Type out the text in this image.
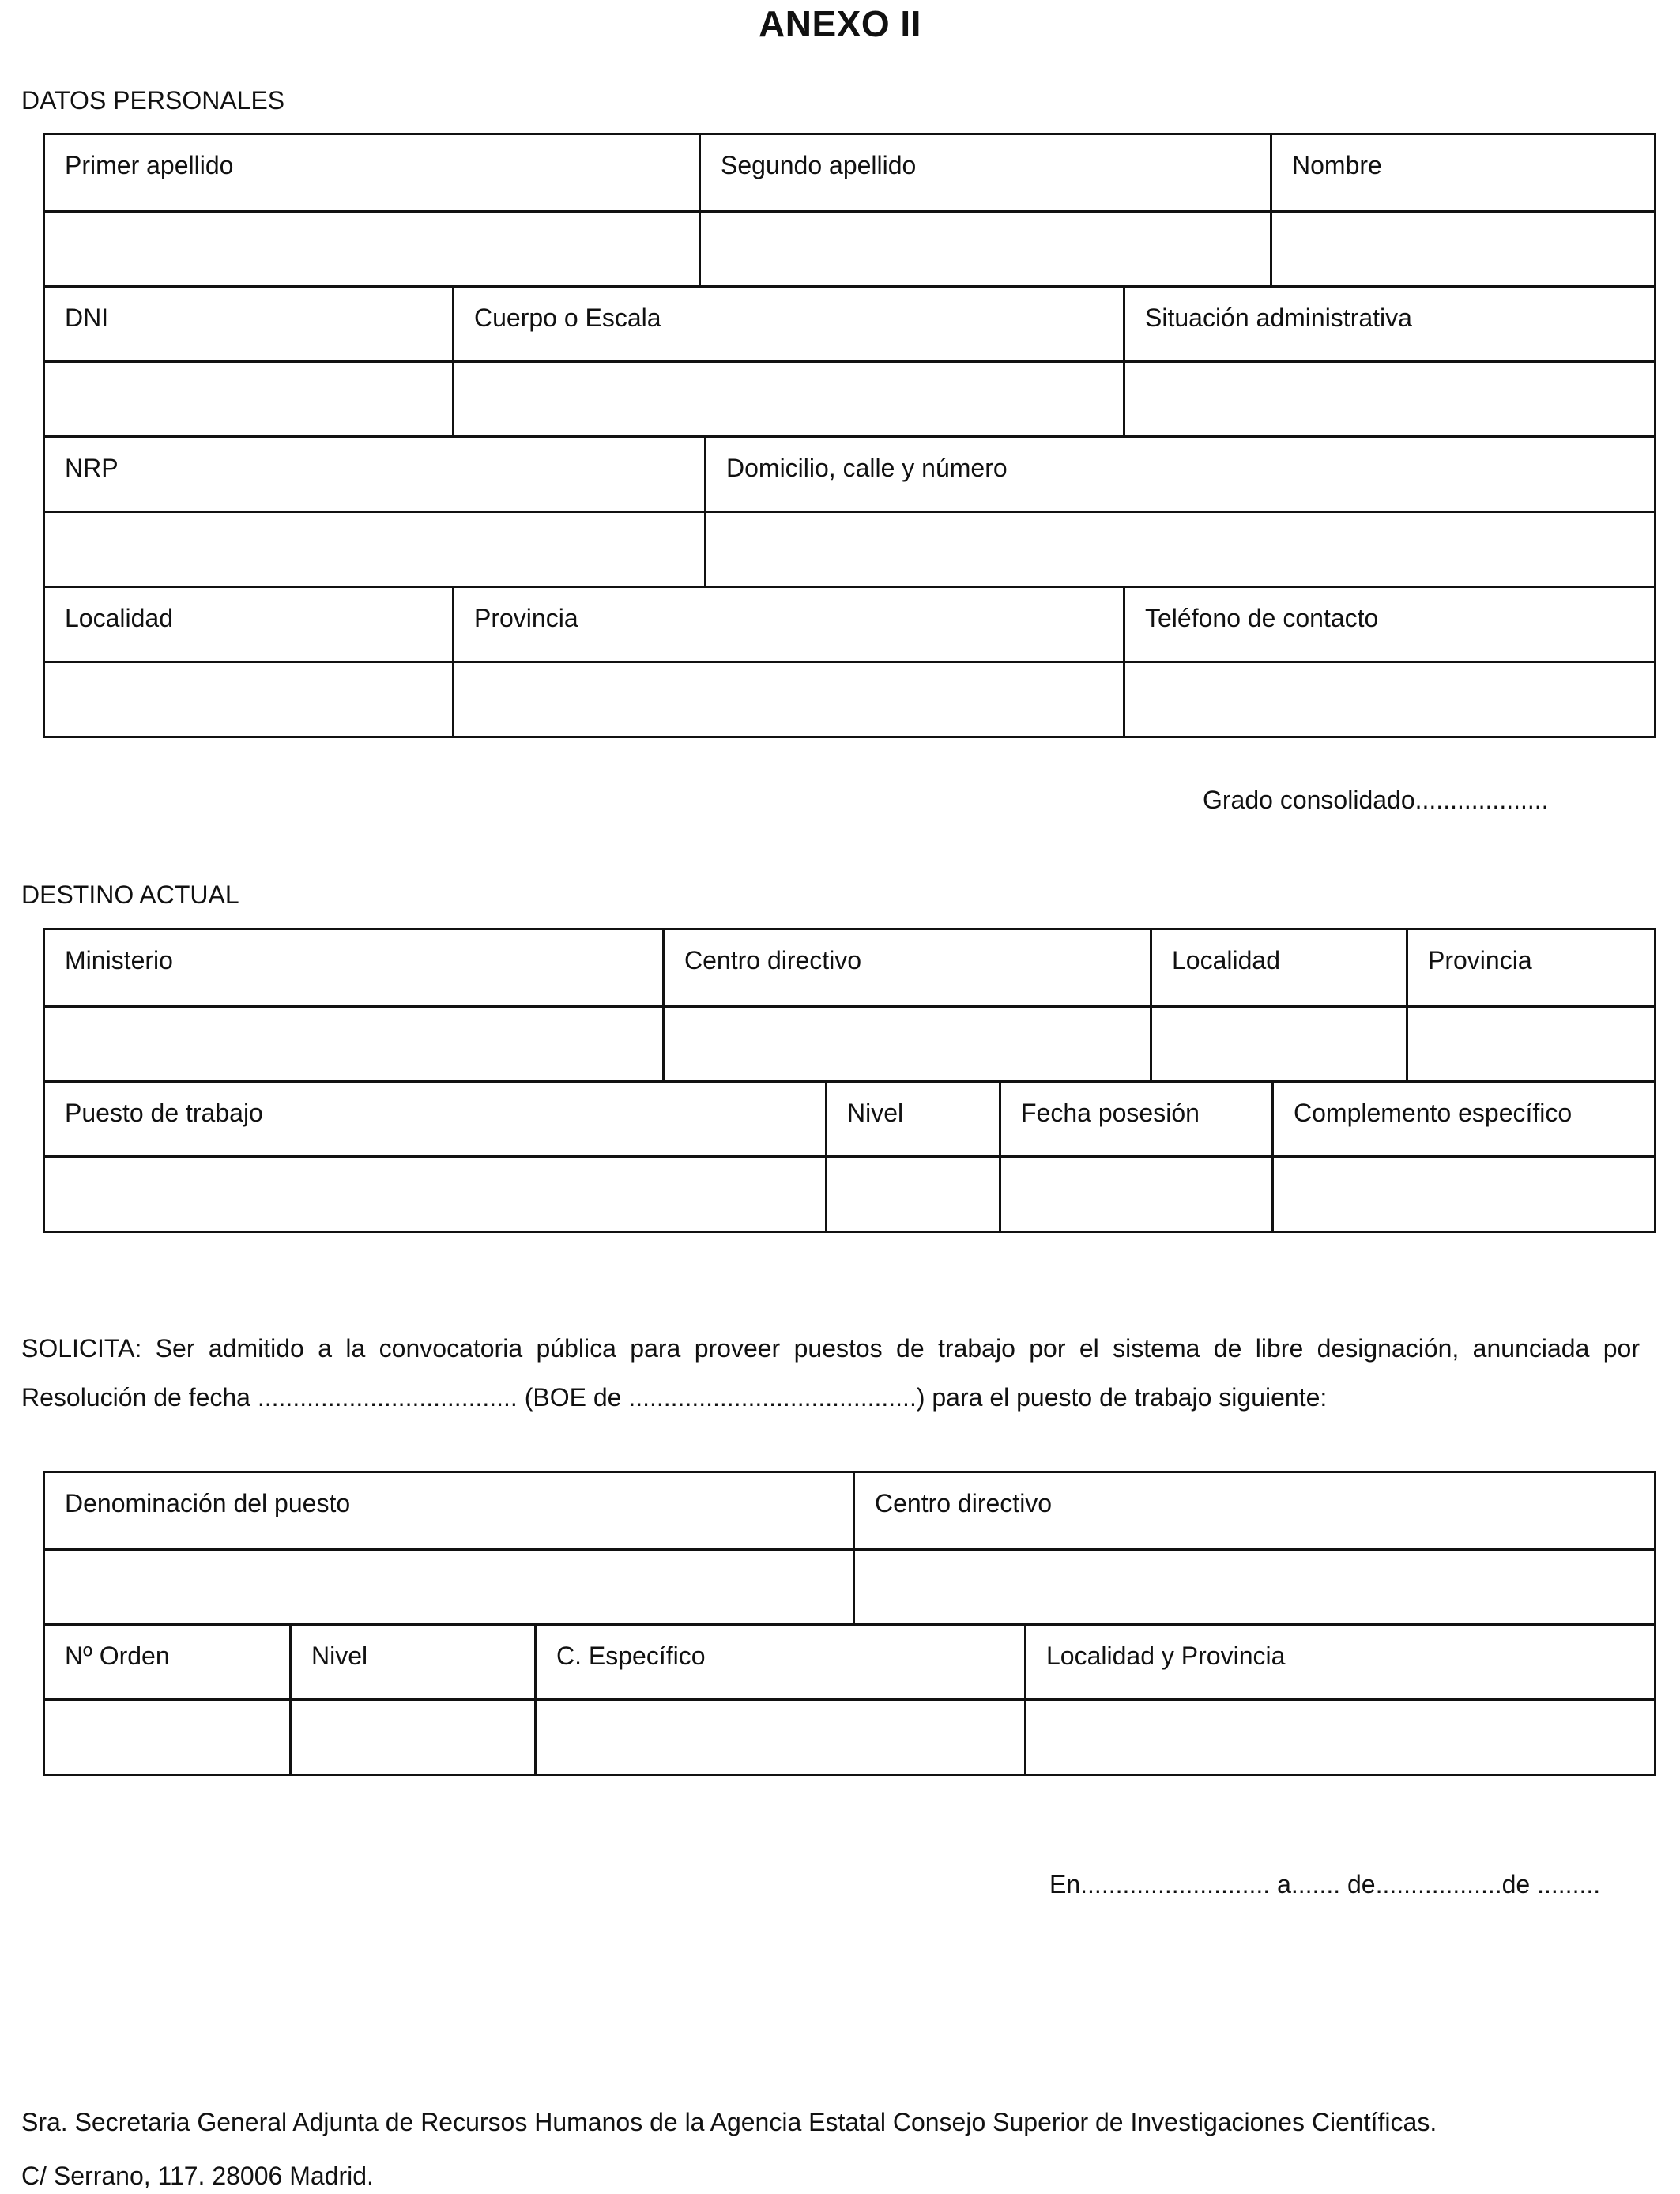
ANEXO II
DATOS PERSONALES
Primer apellido	Segundo apellido	Nombre
DNI	Cuerpo o Escala	Situación administrativa
NRP	Domicilio, calle y número
Localidad	Provincia	Teléfono de contacto
Grado consolidado...................
DESTINO ACTUAL
Ministerio	Centro directivo	Localidad	Provincia
Puesto de trabajo	Nivel	Fecha posesión	Complemento específico
SOLICITA: Ser admitido a la convocatoria pública para proveer puestos de trabajo por el sistema de libre designación, anunciada por Resolución de fecha ..................................... (BOE de .........................................) para el puesto de trabajo siguiente:
Denominación del puesto	Centro directivo
Nº Orden	Nivel	C. Específico	Localidad y Provincia
En........................... a....... de..................de .........
Sra. Secretaria General Adjunta de Recursos Humanos de la Agencia Estatal Consejo Superior de Investigaciones Científicas.
C/ Serrano, 117. 28006 Madrid.
